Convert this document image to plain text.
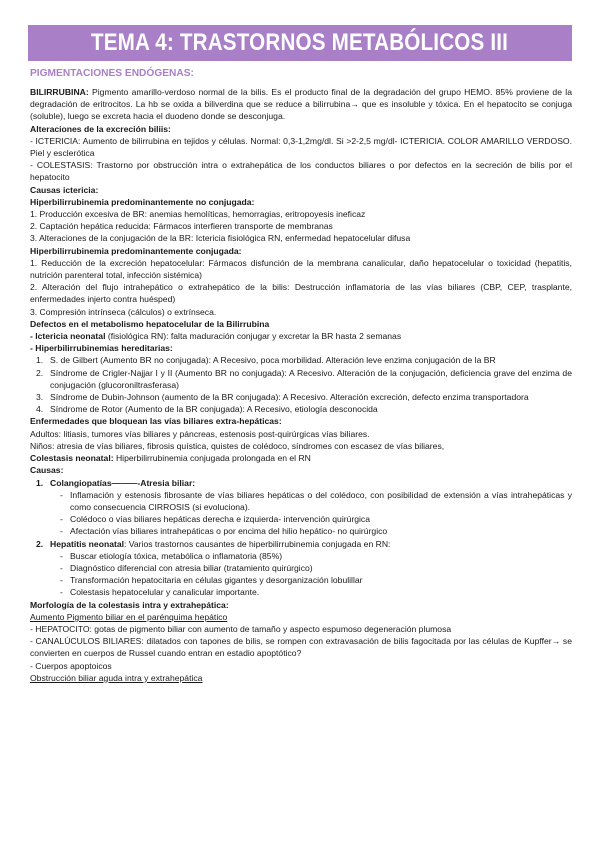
TEMA 4: TRASTORNOS METABÓLICOS III
PIGMENTACIONES ENDÓGENAS:

BILIRRUBINA: Pigmento amarillo-verdoso normal de la bilis. Es el producto final de la degradación del grupo HEMO. 85% proviene de la degradación de eritrocitos. La hb se oxida a biliverdina que se reduce a bilirrubina→ que es insoluble y tóxica. En el hepatocito se conjuga (soluble), luego se excreta hacia el duodeno donde se desconjuga.

Alteraciones de la excreción biliis:

- ICTERICIA: Aumento de bilirrubina en tejidos y células. Normal: 0,3-1,2mg/dl. Si >2-2,5 mg/dl- ICTERICIA. COLOR AMARILLO VERDOSO. Piel y esclerótica

- COLESTASIS: Trastorno por obstrucción intra o extrahepática de los conductos biliares o por defectos en la secreción de bilis por el hepatocito

Causas ictericia:

Hiperbilirrubinemia predominantemente no conjugada:

1. Producción excesiva de BR: anemias hemolíticas, hemorragias, eritropoyesis ineficaz

2. Captación hepática reducida: Fármacos interfieren transporte de membranas

3. Alteraciones de la conjugación de la BR: Ictericia fisiológica RN, enfermedad hepatocelular difusa

Hiperbilirrubinemia predominantemente conjugada:

1. Reducción de la excreción hepatocelular: Fármacos disfunción de la membrana canalicular, daño hepatocelular o toxicidad (hepatitis, nutrición parenteral total, infección sistémica)

2. Alteración del flujo intrahepático o extrahepático de la bilis: Destrucción inflamatoria de las vías biliares (CBP, CEP, trasplante, enfermedades injerto contra huésped)

3. Compresión intrínseca (cálculos) o extrínseca.

Defectos en el metabolismo hepatocelular de la Bilirrubina

- Ictericia neonatal (fisiológica RN): falta maduración conjugar y excretar la BR hasta 2 semanas

- Hiperbilirrubinemias hereditarias:

1. S. de Gilbert (Aumento BR no conjugada): A Recesivo, poca morbilidad. Alteración leve enzima conjugación de la BR
2. Síndrome de Crigler-Najjar I y II (Aumento BR no conjugada): A Recesivo. Alteración de la conjugación, deficiencia grave del enzima de conjugación (glucoroniltrasferasa)
3. Síndrome de Dubin-Johnson (aumento de la BR conjugada): A Recesivo. Alteración excreción, defecto enzima transportadora
4. Síndrome de Rotor (Aumento de la BR conjugada): A Recesivo, etiología desconocida

Enfermedades que bloquean las vías biliares extra-hepáticas:

Adultos: litiasis, tumores vías biliares y páncreas, estenosis post-quirúrgicas vías biliares.

Niños: atresia de vías biliares, fibrosis quística, quistes de colédoco, síndromes con escasez de vías biliares,

Colestasis neonatal: Hiperbilirrubinemia conjugada prolongada en el RN

Causas:

1. Colangiopatías———-Atresia biliar:
- Inflamación y estenosis fibrosante de vías biliares hepáticas o del colédoco, con posibilidad de extensión a vías intrahepáticas y como consecuencia CIRROSIS (si evoluciona).
- Colédoco o vías biliares hepáticas derecha e izquierda- intervención quirúrgica
- Afectación vías biliares intrahepáticas o por encima del hilio hepático- no quirúrgico
2. Hepatitis neonatal: Varios trastornos causantes de hiperbilirrubinemia conjugada en RN:
- Buscar etiología tóxica, metabólica o inflamatoria (85%)
- Diagnóstico diferencial con atresia biliar (tratamiento quirúrgico)
- Transformación hepatocitaria en células gigantes y desorganización lobulillar
- Colestasis hepatocelular y canalicular importante.

Morfología de la colestasis intra y extrahepática:

Aumento Pigmento biliar en el parénquima hepático

- HEPATOCITO: gotas de pigmento biliar con aumento de tamaño y aspecto espumoso degeneración plumosa

- CANALÚCULOS BILIARES: dilatados con tapones de bilis, se rompen con extravasación de bilis fagocitada por las células de Kupffer→ se convierten en cuerpos de Russel cuando entran en estadio apoptótico?

- Cuerpos apoptoicos

Obstrucción biliar aguda intra y extrahepática
